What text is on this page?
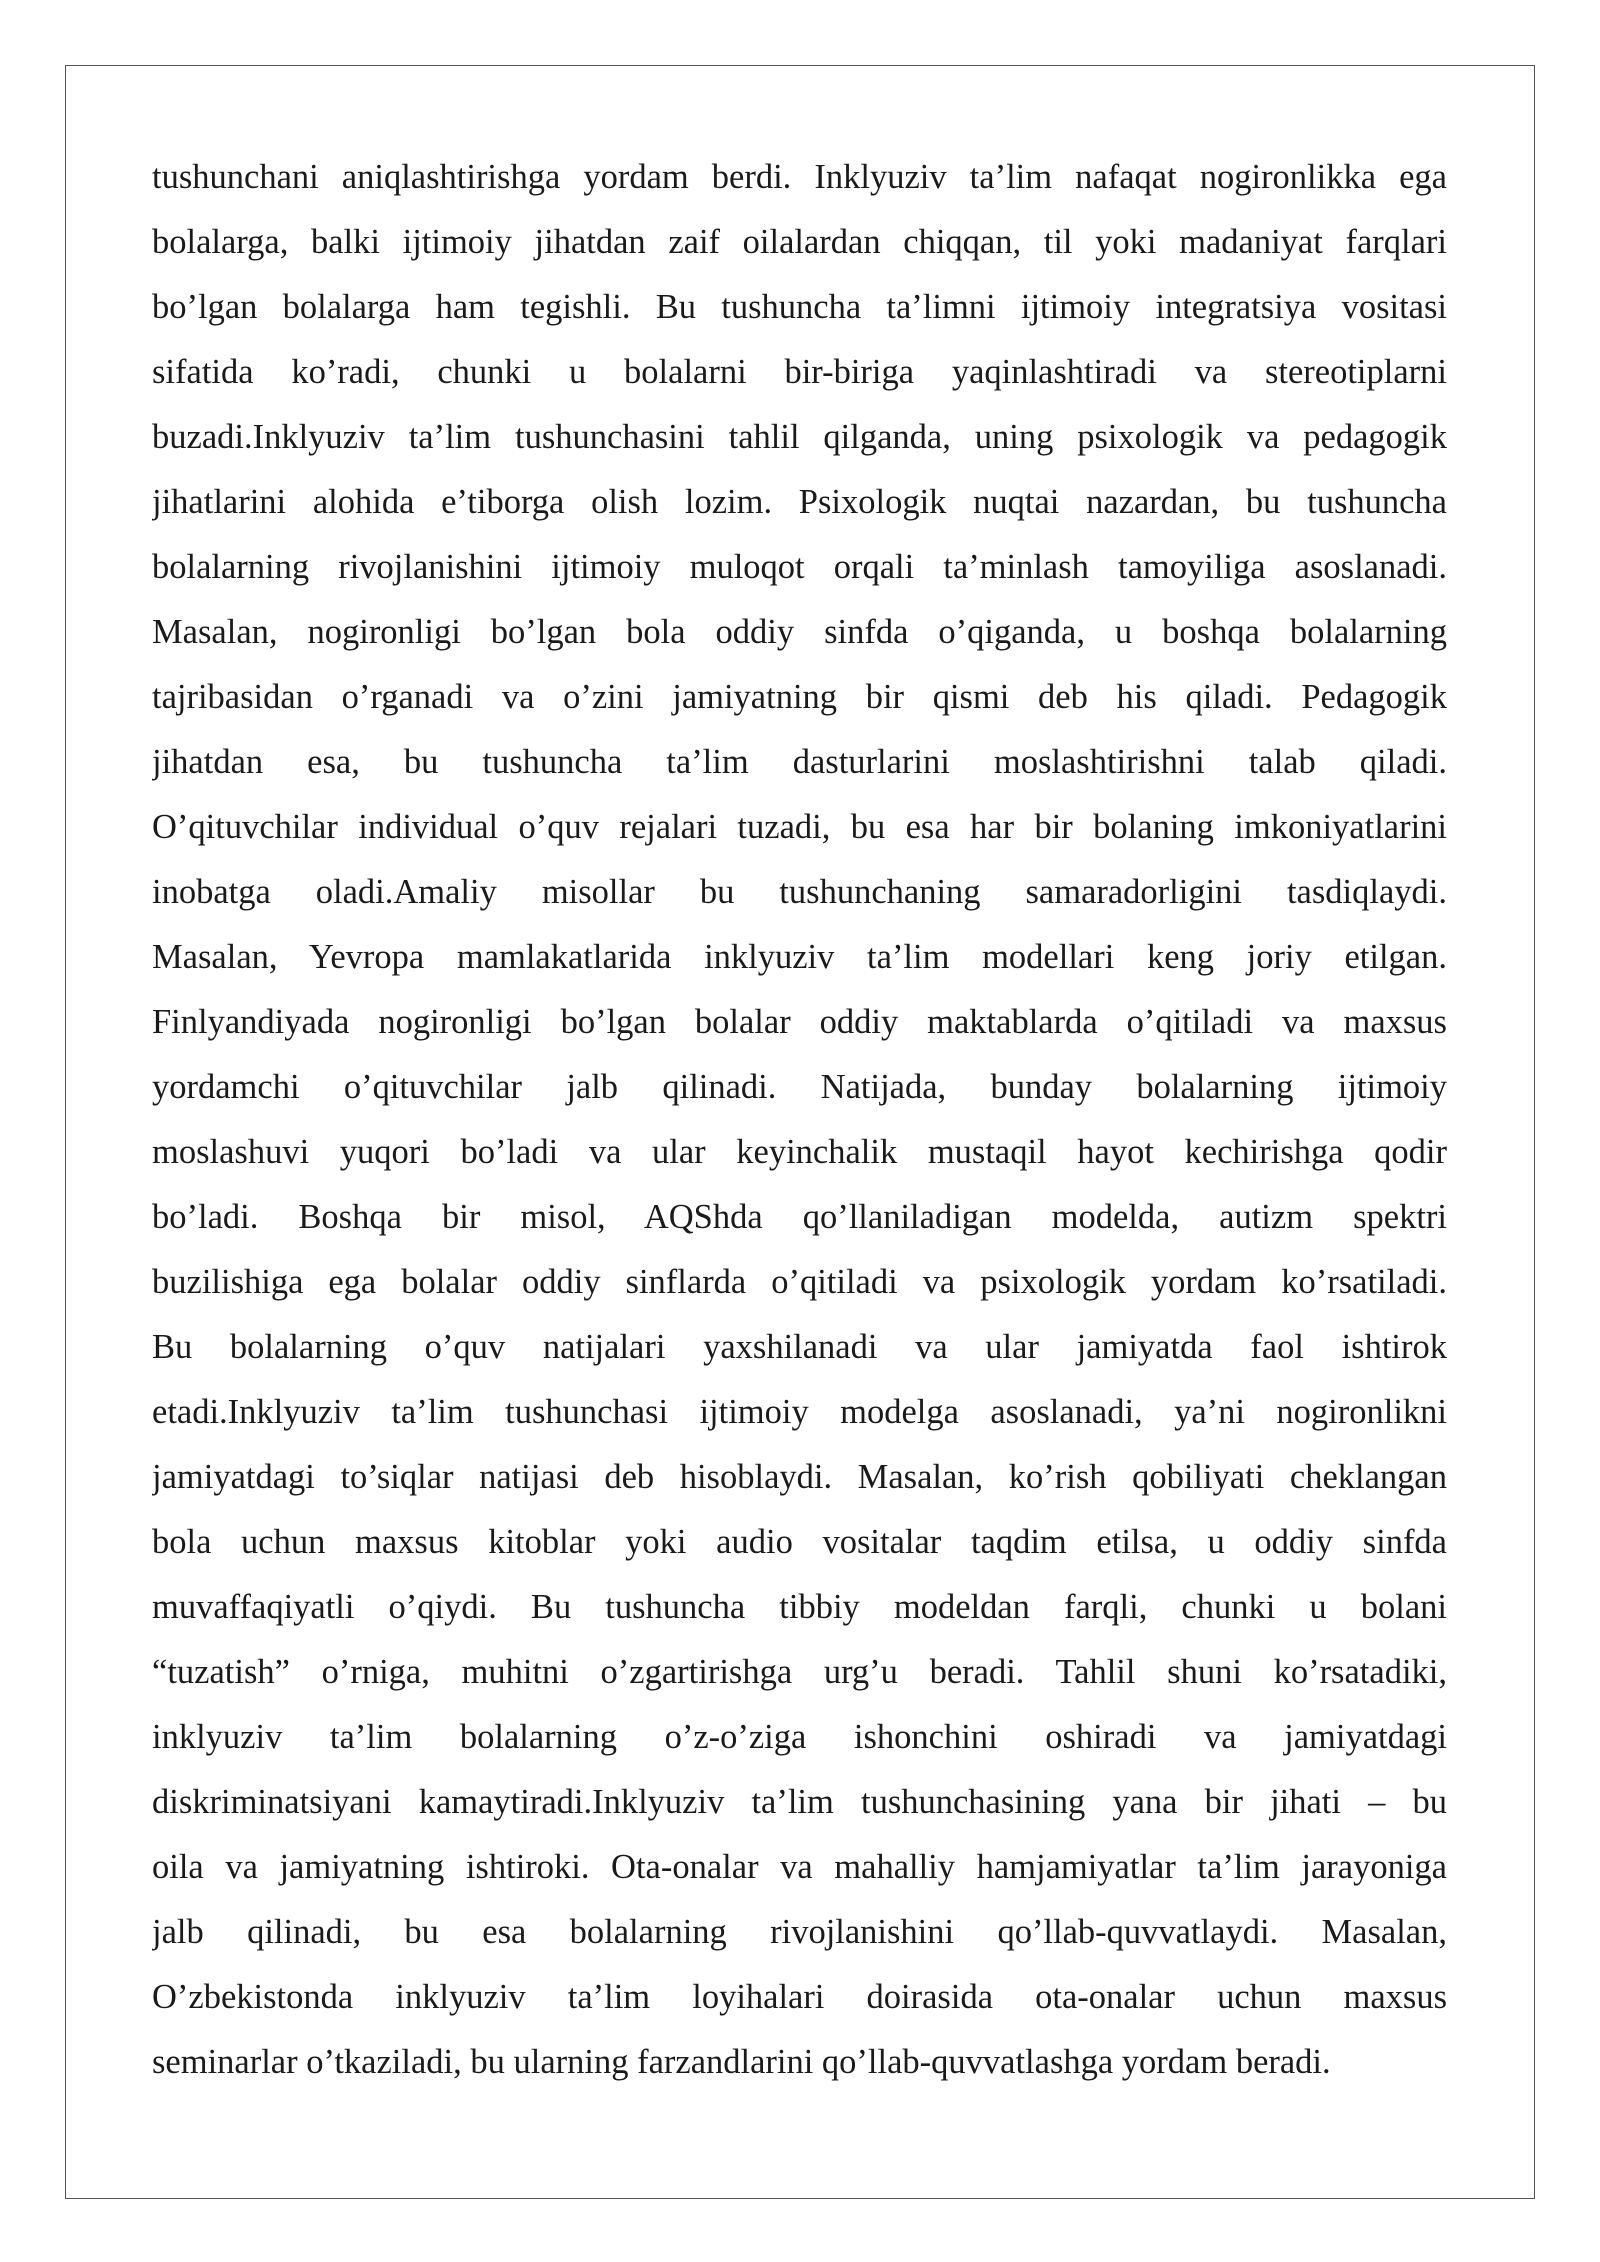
tushunchani aniqlashtirishga yordam berdi. Inklyuziv ta’lim nafaqat nogironlikka ega
bolalarga, balki ijtimoiy jihatdan zaif oilalardan chiqqan, til yoki madaniyat farqlari
bo’lgan bolalarga ham tegishli. Bu tushuncha ta’limni ijtimoiy integratsiya vositasi
sifatida ko’radi, chunki u bolalarni bir-biriga yaqinlashtiradi va stereotiplarni
buzadi.Inklyuziv ta’lim tushunchasini tahlil qilganda, uning psixologik va pedagogik
jihatlarini alohida e’tiborga olish lozim. Psixologik nuqtai nazardan, bu tushuncha
bolalarning rivojlanishini ijtimoiy muloqot orqali ta’minlash tamoyiliga asoslanadi.
Masalan, nogironligi bo’lgan bola oddiy sinfda o’qiganda, u boshqa bolalarning
tajribasidan o’rganadi va o’zini jamiyatning bir qismi deb his qiladi. Pedagogik
jihatdan esa, bu tushuncha ta’lim dasturlarini moslashtirishni talab qiladi.
O’qituvchilar individual o’quv rejalari tuzadi, bu esa har bir bolaning imkoniyatlarini
inobatga oladi.Amaliy misollar bu tushunchaning samaradorligini tasdiqlaydi.
Masalan, Yevropa mamlakatlarida inklyuziv ta’lim modellari keng joriy etilgan.
Finlyandiyada nogironligi bo’lgan bolalar oddiy maktablarda o’qitiladi va maxsus
yordamchi o’qituvchilar jalb qilinadi. Natijada, bunday bolalarning ijtimoiy
moslashuvi yuqori bo’ladi va ular keyinchalik mustaqil hayot kechirishga qodir
bo’ladi. Boshqa bir misol, AQShda qo’llaniladigan modelda, autizm spektri
buzilishiga ega bolalar oddiy sinflarda o’qitiladi va psixologik yordam ko’rsatiladi.
Bu bolalarning o’quv natijalari yaxshilanadi va ular jamiyatda faol ishtirok
etadi.Inklyuziv ta’lim tushunchasi ijtimoiy modelga asoslanadi, ya’ni nogironlikni
jamiyatdagi to’siqlar natijasi deb hisoblaydi. Masalan, ko’rish qobiliyati cheklangan
bola uchun maxsus kitoblar yoki audio vositalar taqdim etilsa, u oddiy sinfda
muvaffaqiyatli o’qiydi. Bu tushuncha tibbiy modeldan farqli, chunki u bolani
“tuzatish” o’rniga, muhitni o’zgartirishga urg’u beradi. Tahlil shuni ko’rsatadiki,
inklyuziv ta’lim bolalarning o’z-o’ziga ishonchini oshiradi va jamiyatdagi
diskriminatsiyani kamaytiradi.Inklyuziv ta’lim tushunchasining yana bir jihati – bu
oila va jamiyatning ishtiroki. Ota-onalar va mahalliy hamjamiyatlar ta’lim jarayoniga
jalb qilinadi, bu esa bolalarning rivojlanishini qo’llab-quvvatlaydi. Masalan,
O’zbekistonda inklyuziv ta’lim loyihalari doirasida ota-onalar uchun maxsus
seminarlar o’tkaziladi, bu ularning farzandlarini qo’llab-quvvatlashga yordam beradi.
